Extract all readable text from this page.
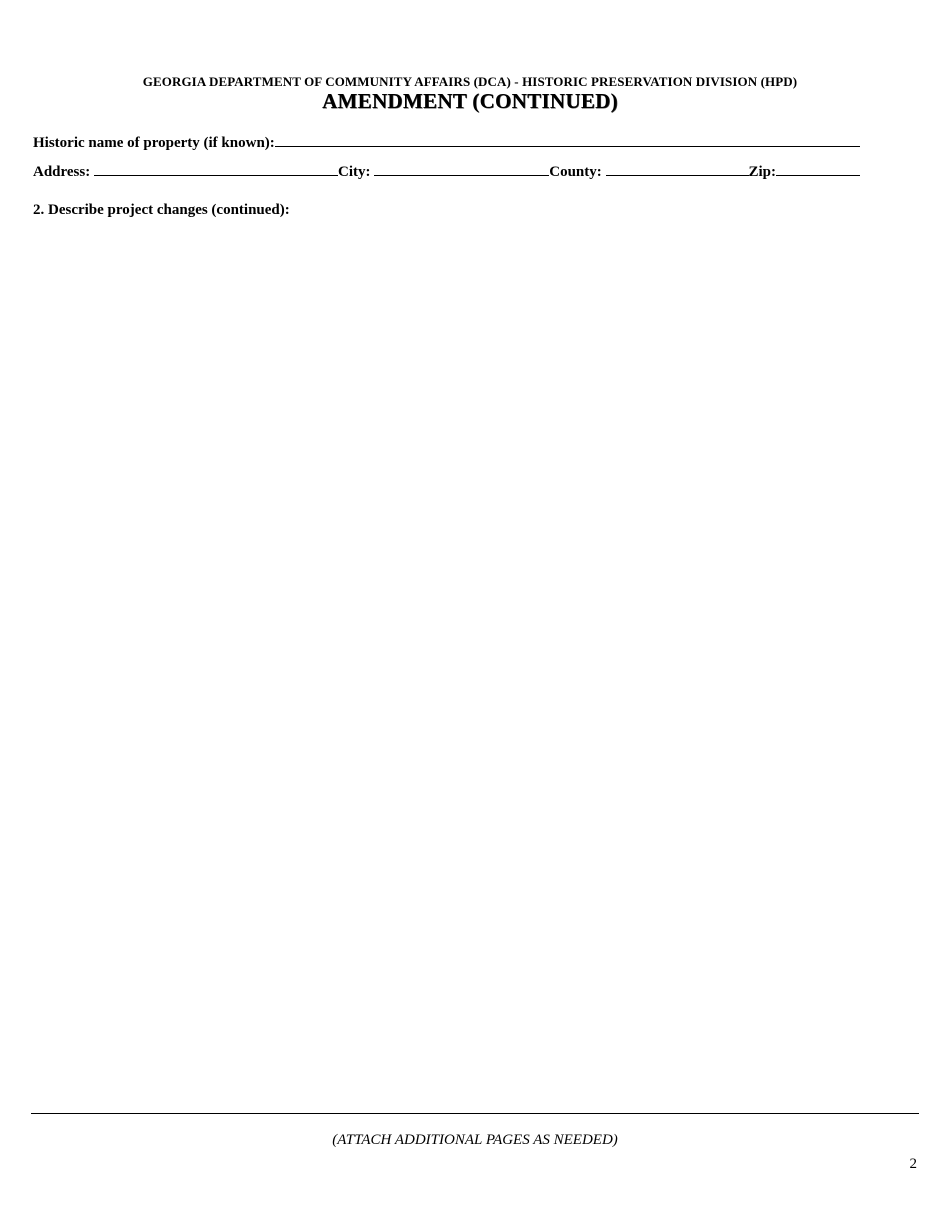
GEORGIA DEPARTMENT OF COMMUNITY AFFAIRS (DCA) - HISTORIC PRESERVATION DIVISION (HPD)
AMENDMENT (CONTINUED)
Historic name of property (if known):
Address:	City:	County:	Zip:
2. Describe project changes (continued):
(ATTACH ADDITIONAL PAGES AS NEEDED)
2
